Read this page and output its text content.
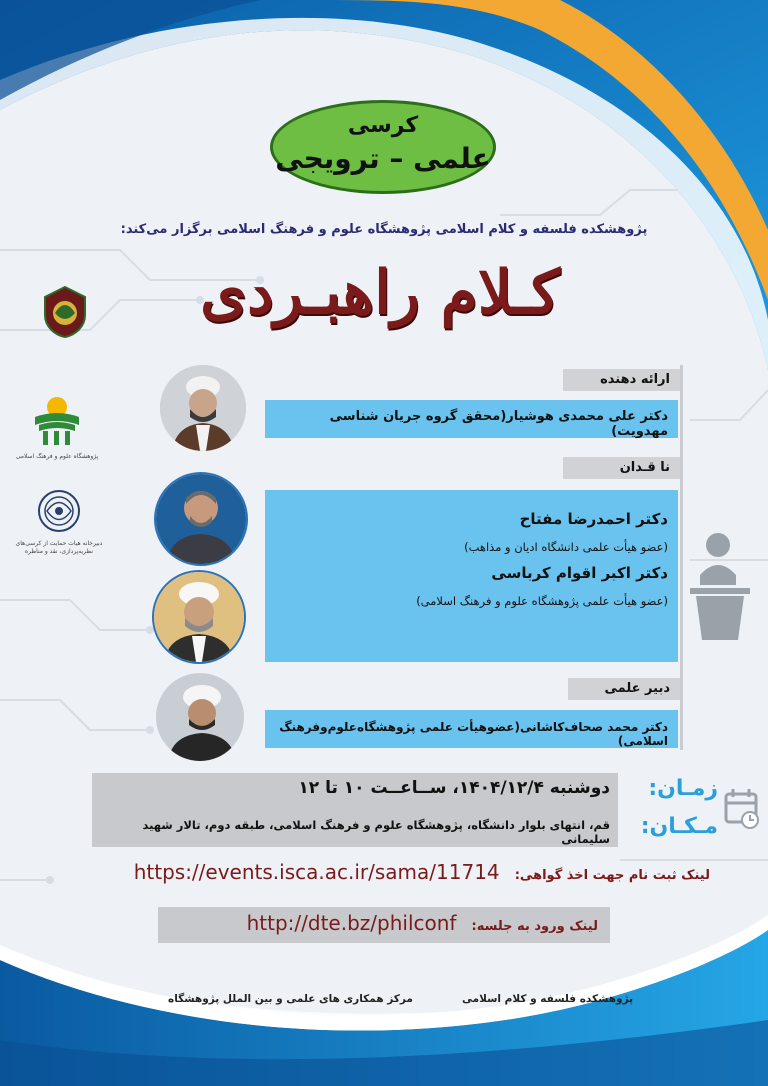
کرسی
علمی – ترویجی
پژوهشکده فلسفه و کلام اسلامی پژوهشگاه علوم و فرهنگ اسلامی برگزار می‌کند:
کـلام راهبـردی
پژوهشگاه علوم و فرهنگ اسلامی
دبیرخانه هیات حمایت از کرسی‌های نظریه‌پردازی، نقد و مناظره
ارائه دهنده
دکتر علی محمدی هوشیار(محقق گروه جریان شناسی مهدویت)
نا قـدان
دکتر احمدرضا مفتاح
(عضو هیأت علمی دانشگاه ادیان و مذاهب)
دکتر اکبر اقوام کرباسی
(عضو هیأت علمی پژوهشگاه علوم و فرهنگ اسلامی)
دبیر علمی
دکتر محمد صحاف‌کاشانی(عضوهیأت علمی پژوهشگاه‌علوم‌وفرهنگ اسلامی)
زمـان:
مـکـان:
دوشنبه ۱۴۰۴/۱۲/۴، ســاعــت ۱۰ تا ۱۲
قم، انتهای بلوار دانشگاه، پژوهشگاه علوم و فرهنگ اسلامی، طبقه دوم، تالار شهید سلیمانی
لینک ثبت نام جهت اخذ گواهی: https://events.isca.ac.ir/sama/11714
لینک ورود به جلسه: http://dte.bz/philconf
پژوهشکده فلسفه و کلام اسلامی
مرکز همکاری های علمی و بین الملل پژوهشگاه
